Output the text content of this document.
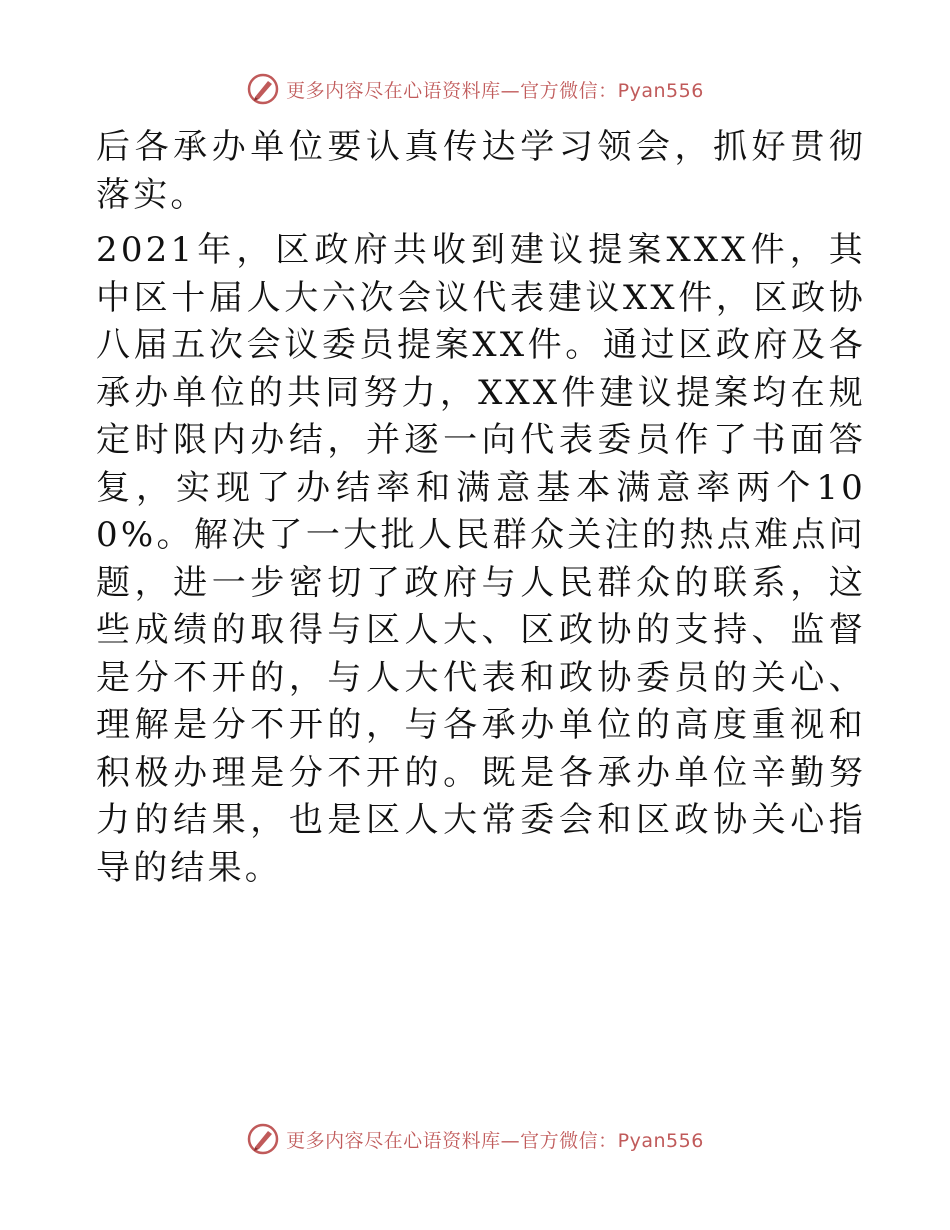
更多内容尽在心语资料库—官方微信：Pyan556

后各承办单位要认真传达学习领会，抓好贯彻落实。

2021年，区政府共收到建议提案XXX件，其中区十届人大六次会议代表建议XX件，区政协八届五次会议委员提案XX件。通过区政府及各承办单位的共同努力，XXX件建议提案均在规定时限内办结，并逐一向代表委员作了书面答复，实现了办结率和满意基本满意率两个100%。解决了一大批人民群众关注的热点难点问题，进一步密切了政府与人民群众的联系，这些成绩的取得与区人大、区政协的支持、监督是分不开的，与人大代表和政协委员的关心、理解是分不开的，与各承办单位的高度重视和积极办理是分不开的。既是各承办单位辛勤努力的结果，也是区人大常委会和区政协关心指导的结果。

更多内容尽在心语资料库—官方微信：Pyan556
